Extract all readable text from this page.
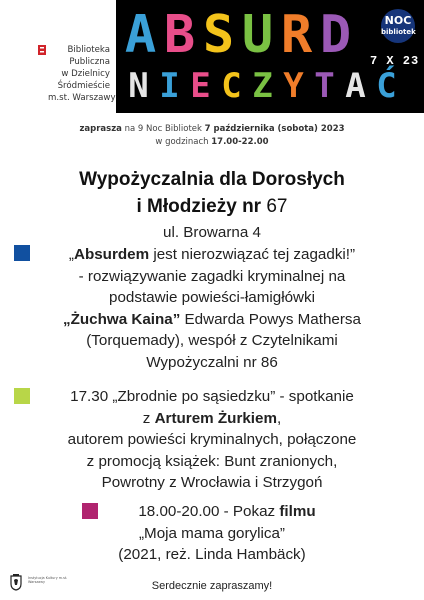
Biblioteka
Publiczna
w Dzielnicy
Śródmieście
m.st. Warszawy
A B S U R D
N I E C Z Y T A Ć
NOC
bibliotek
7 X 23
zaprasza na 9 Noc Bibliotek 7 października (sobota) 2023
w godzinach 17.00-22.00
Wypożyczalnia dla Dorosłych
i Młodzieży nr 67
ul. Browarna 4
„Absurdem jest nierozwiązać tej zagadki!”
- rozwiązywanie zagadki kryminalnej na
podstawie powieści-łamigłówki
„Żuchwa Kaina” Edwarda Powys Mathersa
(Torquemady), wespół z Czytelnikami
Wypożyczalni nr 86
17.30 „Zbrodnie po sąsiedzku” - spotkanie
z Arturem Żurkiem,
autorem powieści kryminalnych, połączone
z promocją książek: Bunt zranionych,
Powrotny z Wrocławia i Strzygoń
18.00-20.00 - Pokaz filmu
„Moja mama gorylica”
(2021, reż. Linda Hambäck)
Instytucja Kultury m.st. Warszawy	Serdecznie zapraszamy!
